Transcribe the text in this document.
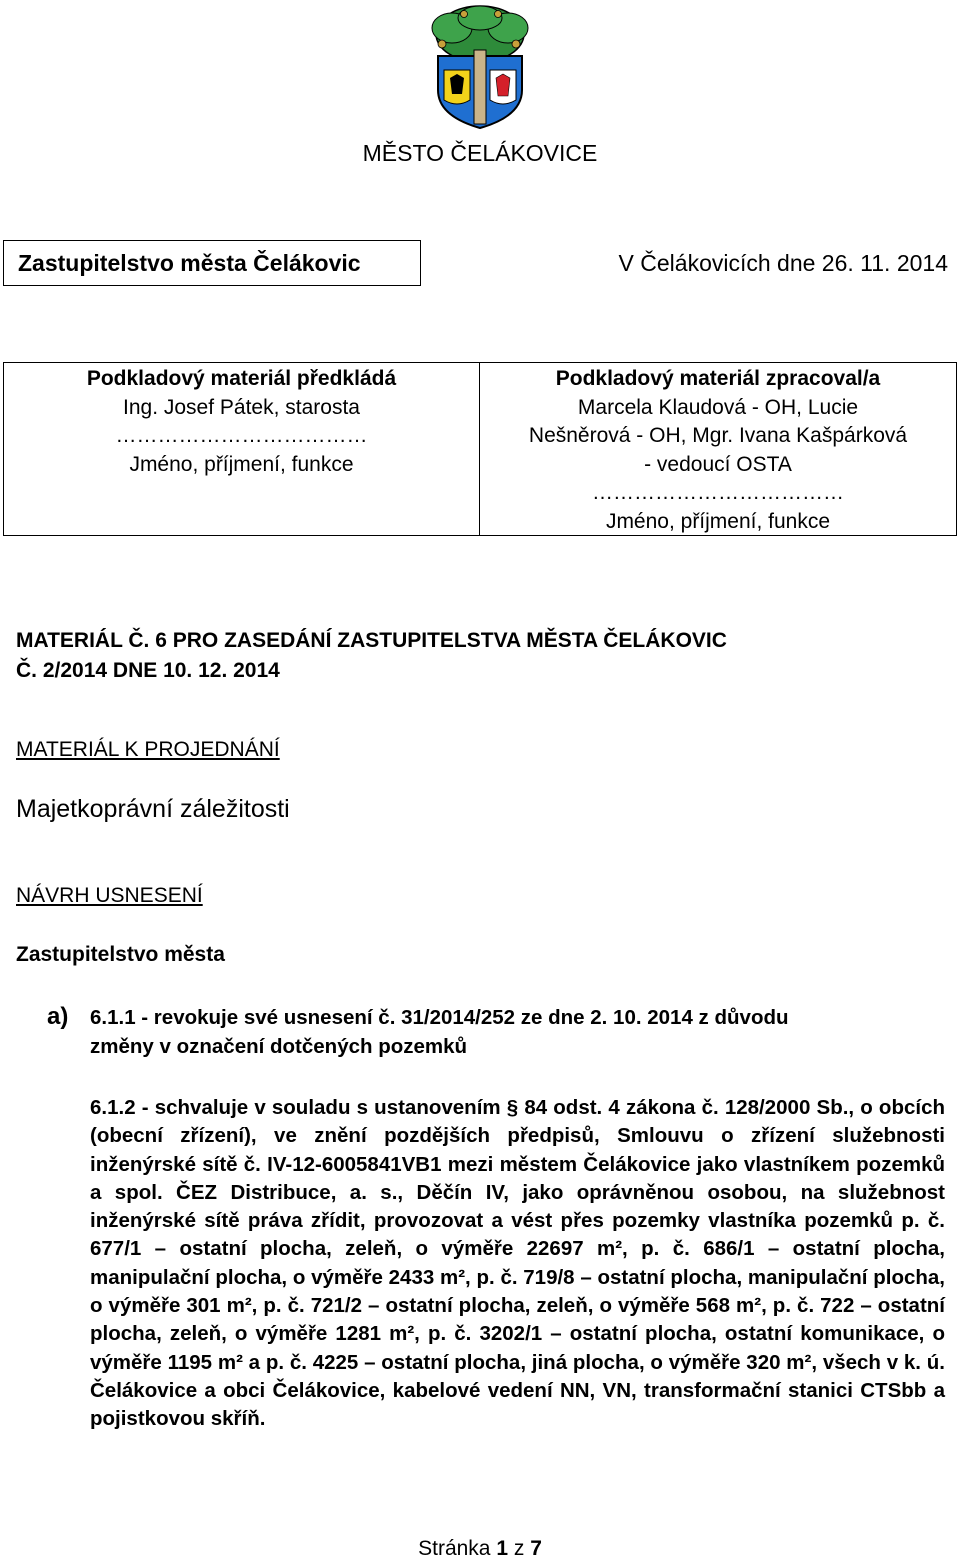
MĚSTO ČELÁKOVICE
Zastupitelstvo města Čelákovic	V Čelákovicích dne 26. 11. 2014
Podkladový materiál předkládá
Ing. Josef Pátek, starosta
………………………………
Jméno, příjmení, funkce
Podkladový materiál zpracoval/a
Marcela Klaudová - OH, Lucie
Nešněrová - OH, Mgr. Ivana Kašpárková
- vedoucí OSTA
………………………………
Jméno, příjmení, funkce
MATERIÁL Č. 6 PRO ZASEDÁNÍ ZASTUPITELSTVA MĚSTA ČELÁKOVIC
Č. 2/2014 DNE 10. 12. 2014
MATERIÁL K PROJEDNÁNÍ
Majetkoprávní záležitosti
NÁVRH USNESENÍ
Zastupitelstvo města
a) 6.1.1 - revokuje své usnesení č. 31/2014/252 ze dne 2. 10. 2014 z důvodu
změny v označení dotčených pozemků
6.1.2 - schvaluje v souladu s ustanovením § 84 odst. 4 zákona č. 128/2000 Sb., o obcích (obecní zřízení), ve znění pozdějších předpisů, Smlouvu o zřízení služebnosti inženýrské sítě č. IV-12-6005841VB1 mezi městem Čelákovice jako vlastníkem pozemků a spol. ČEZ Distribuce, a. s., Děčín IV, jako oprávněnou osobou, na služebnost inženýrské sítě práva zřídit, provozovat a vést přes pozemky vlastníka pozemků p. č. 677/1 – ostatní plocha, zeleň, o výměře 22697 m², p. č. 686/1 – ostatní plocha, manipulační plocha, o výměře 2433 m², p. č. 719/8 – ostatní plocha, manipulační plocha, o výměře 301 m², p. č. 721/2 – ostatní plocha, zeleň, o výměře 568 m², p. č. 722 – ostatní plocha, zeleň, o výměře 1281 m², p. č. 3202/1 – ostatní plocha, ostatní komunikace, o výměře 1195 m² a p. č. 4225 – ostatní plocha, jiná plocha, o výměře 320 m², všech v k. ú. Čelákovice a obci Čelákovice, kabelové vedení NN, VN, transformační stanici CTSbb a pojistkovou skříň.
Stránka 1 z 7
